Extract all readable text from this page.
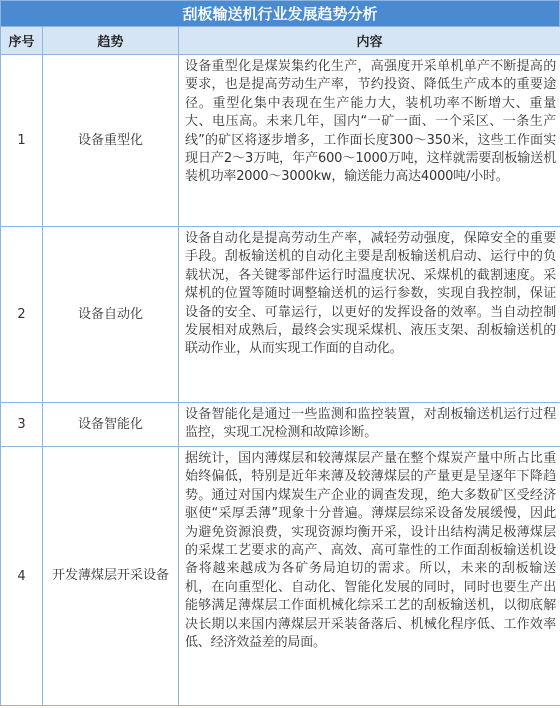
刮板输送机行业发展趋势分析
序号	趋势	内容
1	设备重型化	设备重型化是煤炭集约化生产，高强度开采单机单产不断提高的要求，也是提高劳动生产率，节约投资、降低生产成本的重要途径。重型化集中表现在生产能力大，装机功率不断增大、重量大、电压高。未来几年，国内“一矿一面、一个采区、一条生产线”的矿区将逐步增多，工作面长度300～350米，这些工作面实现日产2～3万吨，年产600～1000万吨，这样就需要刮板输送机装机功率2000～3000kw，输送能力高达4000吨/小时。
2	设备自动化	设备自动化是提高劳动生产率，减轻劳动强度，保障安全的重要手段。刮板输送机的自动化主要是刮板输送机启动、运行中的负载状况，各关键零部件运行时温度状况、采煤机的截割速度。采煤机的位置等随时调整输送机的运行参数，实现自我控制，保证设备的安全、可靠运行，以更好的发挥设备的效率。当自动控制发展相对成熟后，最终会实现采煤机、液压支架、刮板输送机的联动作业，从而实现工作面的自动化。
3	设备智能化	设备智能化是通过一些监测和监控装置，对刮板输送机运行过程监控，实现工况检测和故障诊断。
4	开发薄煤层开采设备	据统计，国内薄煤层和较薄煤层产量在整个煤炭产量中所占比重始终偏低，特别是近年来薄及较薄煤层的产量更是呈逐年下降趋势。通过对国内煤炭生产企业的调查发现，绝大多数矿区受经济驱使“采厚丢薄”现象十分普遍。薄煤层综采设备发展缓慢，因此为避免资源浪费，实现资源均衡开采，设计出结构满足极薄煤层的采煤工艺要求的高产、高效、高可靠性的工作面刮板输送机设备将越来越成为各矿务局迫切的需求。所以，未来的刮板输送机，在向重型化、自动化、智能化发展的同时，同时也要生产出能够满足薄煤层工作面机械化综采工艺的刮板输送机，以彻底解决长期以来国内薄煤层开采装备落后、机械化程序低、工作效率低、经济效益差的局面。
